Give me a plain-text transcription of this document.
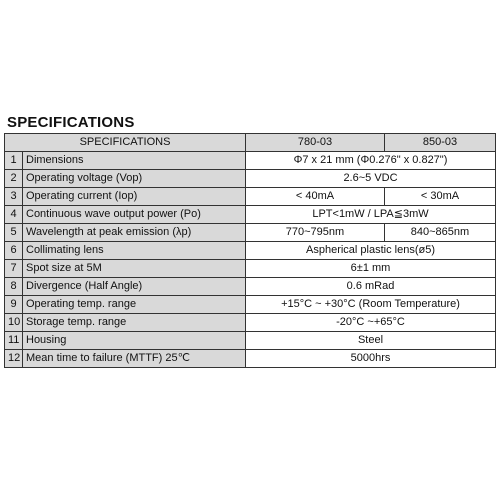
SPECIFICATIONS
SPECIFICATIONS		780-03	850-03
1	Dimensions	Φ7 x 21 mm (Φ0.276" x 0.827")	
2	Operating voltage (Vop)	2.6~5 VDC	
3	Operating current (Iop)	< 40mA	< 30mA
4	Continuous wave output power (Po)	LPT<1mW / LPA≦3mW	
5	Wavelength at peak emission (λp)	770~795nm	840~865nm
6	Collimating lens	Aspherical plastic lens(ø5)	
7	Spot size at 5M	6±1 mm	
8	Divergence (Half Angle)	0.6 mRad	
9	Operating temp. range	+15°C ~ +30°C (Room Temperature)	
10	Storage temp. range	-20°C ~+65°C	
11	Housing	Steel	
12	Mean time to failure (MTTF) 25℃	5000hrs	
